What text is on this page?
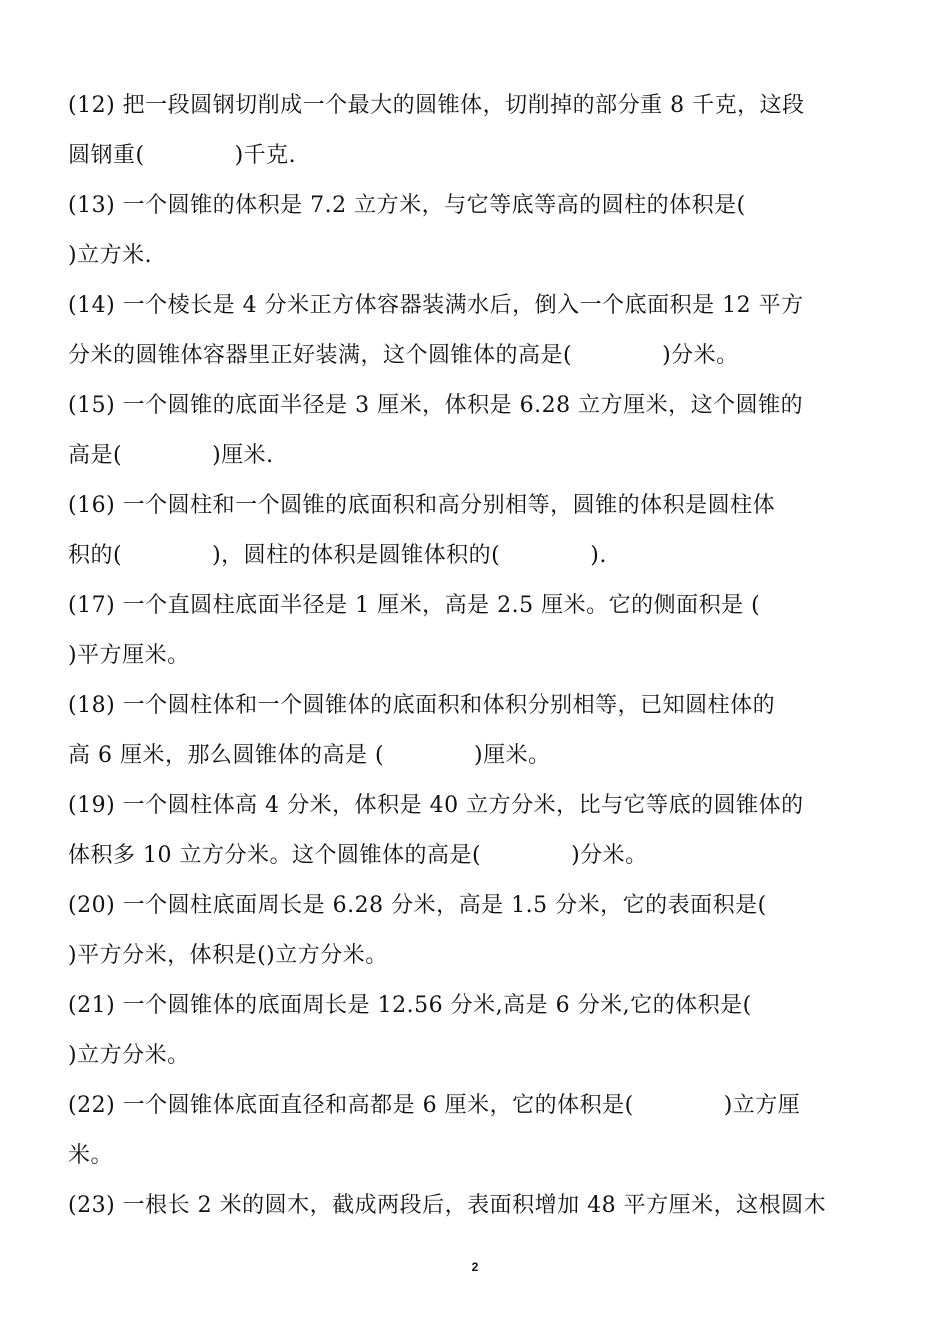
(12) 把一段圆钢切削成一个最大的圆锥体，切削掉的部分重 8 千克，这段
圆钢重(　　　　)千克.
(13) 一个圆锥的体积是 7.2 立方米，与它等底等高的圆柱的体积是(
)立方米.
(14) 一个棱长是 4 分米正方体容器装满水后，倒入一个底面积是 12 平方
分米的圆锥体容器里正好装满，这个圆锥体的高是(　　　　)分米。
(15) 一个圆锥的底面半径是 3 厘米，体积是 6.28 立方厘米，这个圆锥的
高是(　　　　)厘米.
(16) 一个圆柱和一个圆锥的底面积和高分别相等，圆锥的体积是圆柱体
积的(　　　　)，圆柱的体积是圆锥体积的(　　　　).
(17) 一个直圆柱底面半径是 1 厘米，高是 2.5 厘米。它的侧面积是 (
)平方厘米。
(18) 一个圆柱体和一个圆锥体的底面积和体积分别相等，已知圆柱体的
高 6 厘米，那么圆锥体的高是 (　　　　)厘米。
(19) 一个圆柱体高 4 分米，体积是 40 立方分米，比与它等底的圆锥体的
体积多 10 立方分米。这个圆锥体的高是(　　　　)分米。
(20) 一个圆柱底面周长是 6.28 分米，高是 1.5 分米，它的表面积是(
)平方分米，体积是()立方分米。
(21) 一个圆锥体的底面周长是 12.56 分米,高是 6 分米,它的体积是(
)立方分米。
(22) 一个圆锥体底面直径和高都是 6 厘米，它的体积是(　　　　)立方厘
米。
(23) 一根长 2 米的圆木，截成两段后，表面积增加 48 平方厘米，这根圆木
2
